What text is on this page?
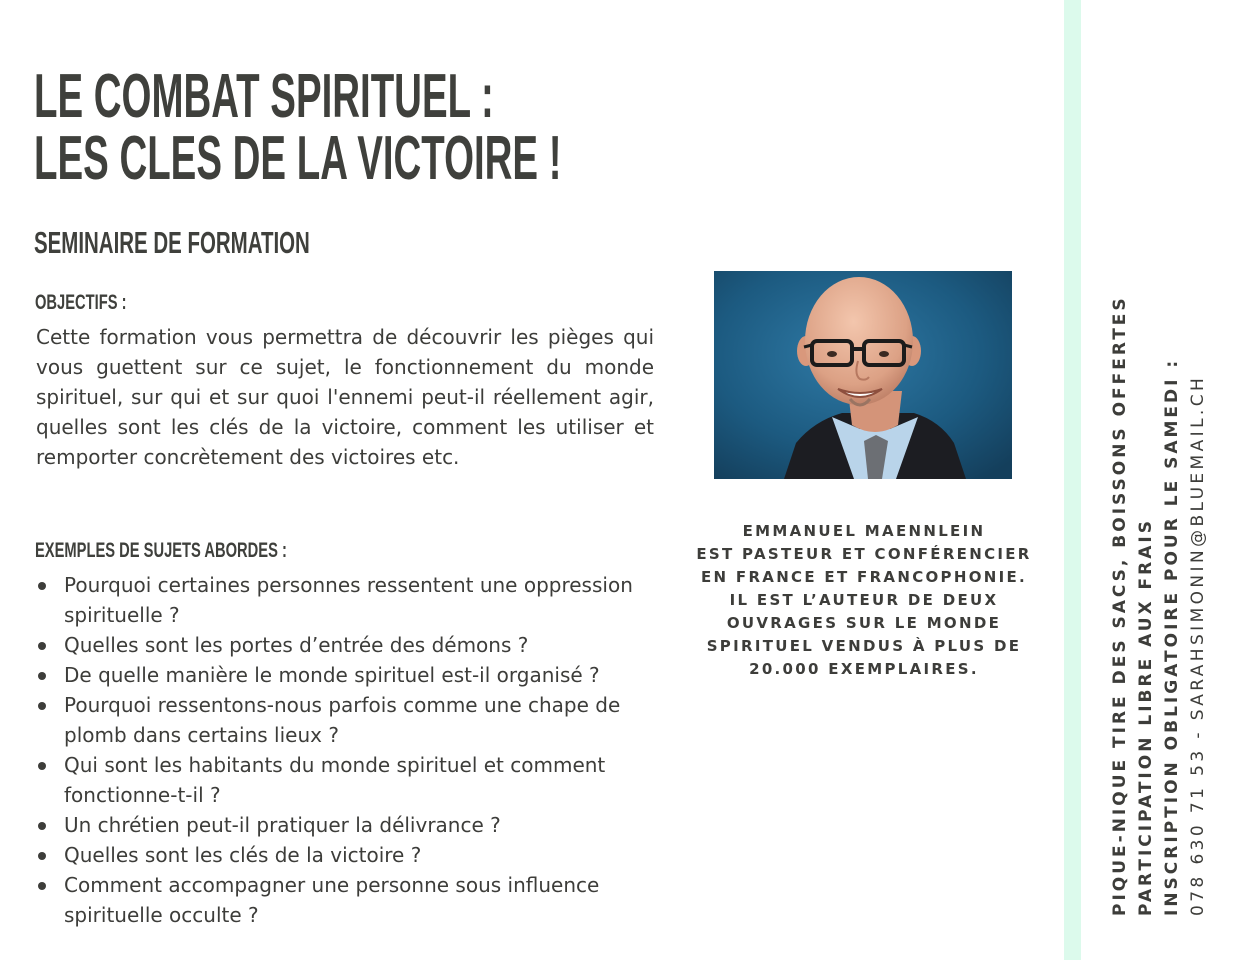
LE COMBAT SPIRITUEL :
LES CLES DE LA VICTOIRE !
SEMINAIRE DE FORMATION
OBJECTIFS :

Cette formation vous permettra de découvrir les pièges qui vous guettent sur ce sujet, le fonctionnement du monde spirituel, sur qui et sur quoi l'ennemi peut-il réellement agir, quelles sont les clés de la victoire, comment les utiliser et remporter concrètement des victoires etc.

EXEMPLES DE SUJETS ABORDES :
Pourquoi certaines personnes ressentent une oppression spirituelle ?
Quelles sont les portes d’entrée des démons ?
De quelle manière le monde spirituel est-il organisé ?
Pourquoi ressentons-nous parfois comme une chape de plomb dans certains lieux ?
Qui sont les habitants du monde spirituel et comment fonctionne-t-il ?
Un chrétien peut-il pratiquer la délivrance ?
Quelles sont les clés de la victoire ?
Comment accompagner une personne sous influence spirituelle occulte ?

EMMANUEL MAENNLEIN
EST PASTEUR ET CONFÉRENCIER
EN FRANCE ET FRANCOPHONIE.
IL EST L’AUTEUR DE DEUX
OUVRAGES SUR LE MONDE
SPIRITUEL VENDUS À PLUS DE
20.000 EXEMPLAIRES.	PIQUE-NIQUE TIRE DES SACS, BOISSONS OFFERTES PARTICIPATION LIBRE AUX FRAIS INSCRIPTION OBLIGATOIRE POUR LE SAMEDI : 078 630 71 53 - SARAHSIMONIN@BLUEMAIL.CH
